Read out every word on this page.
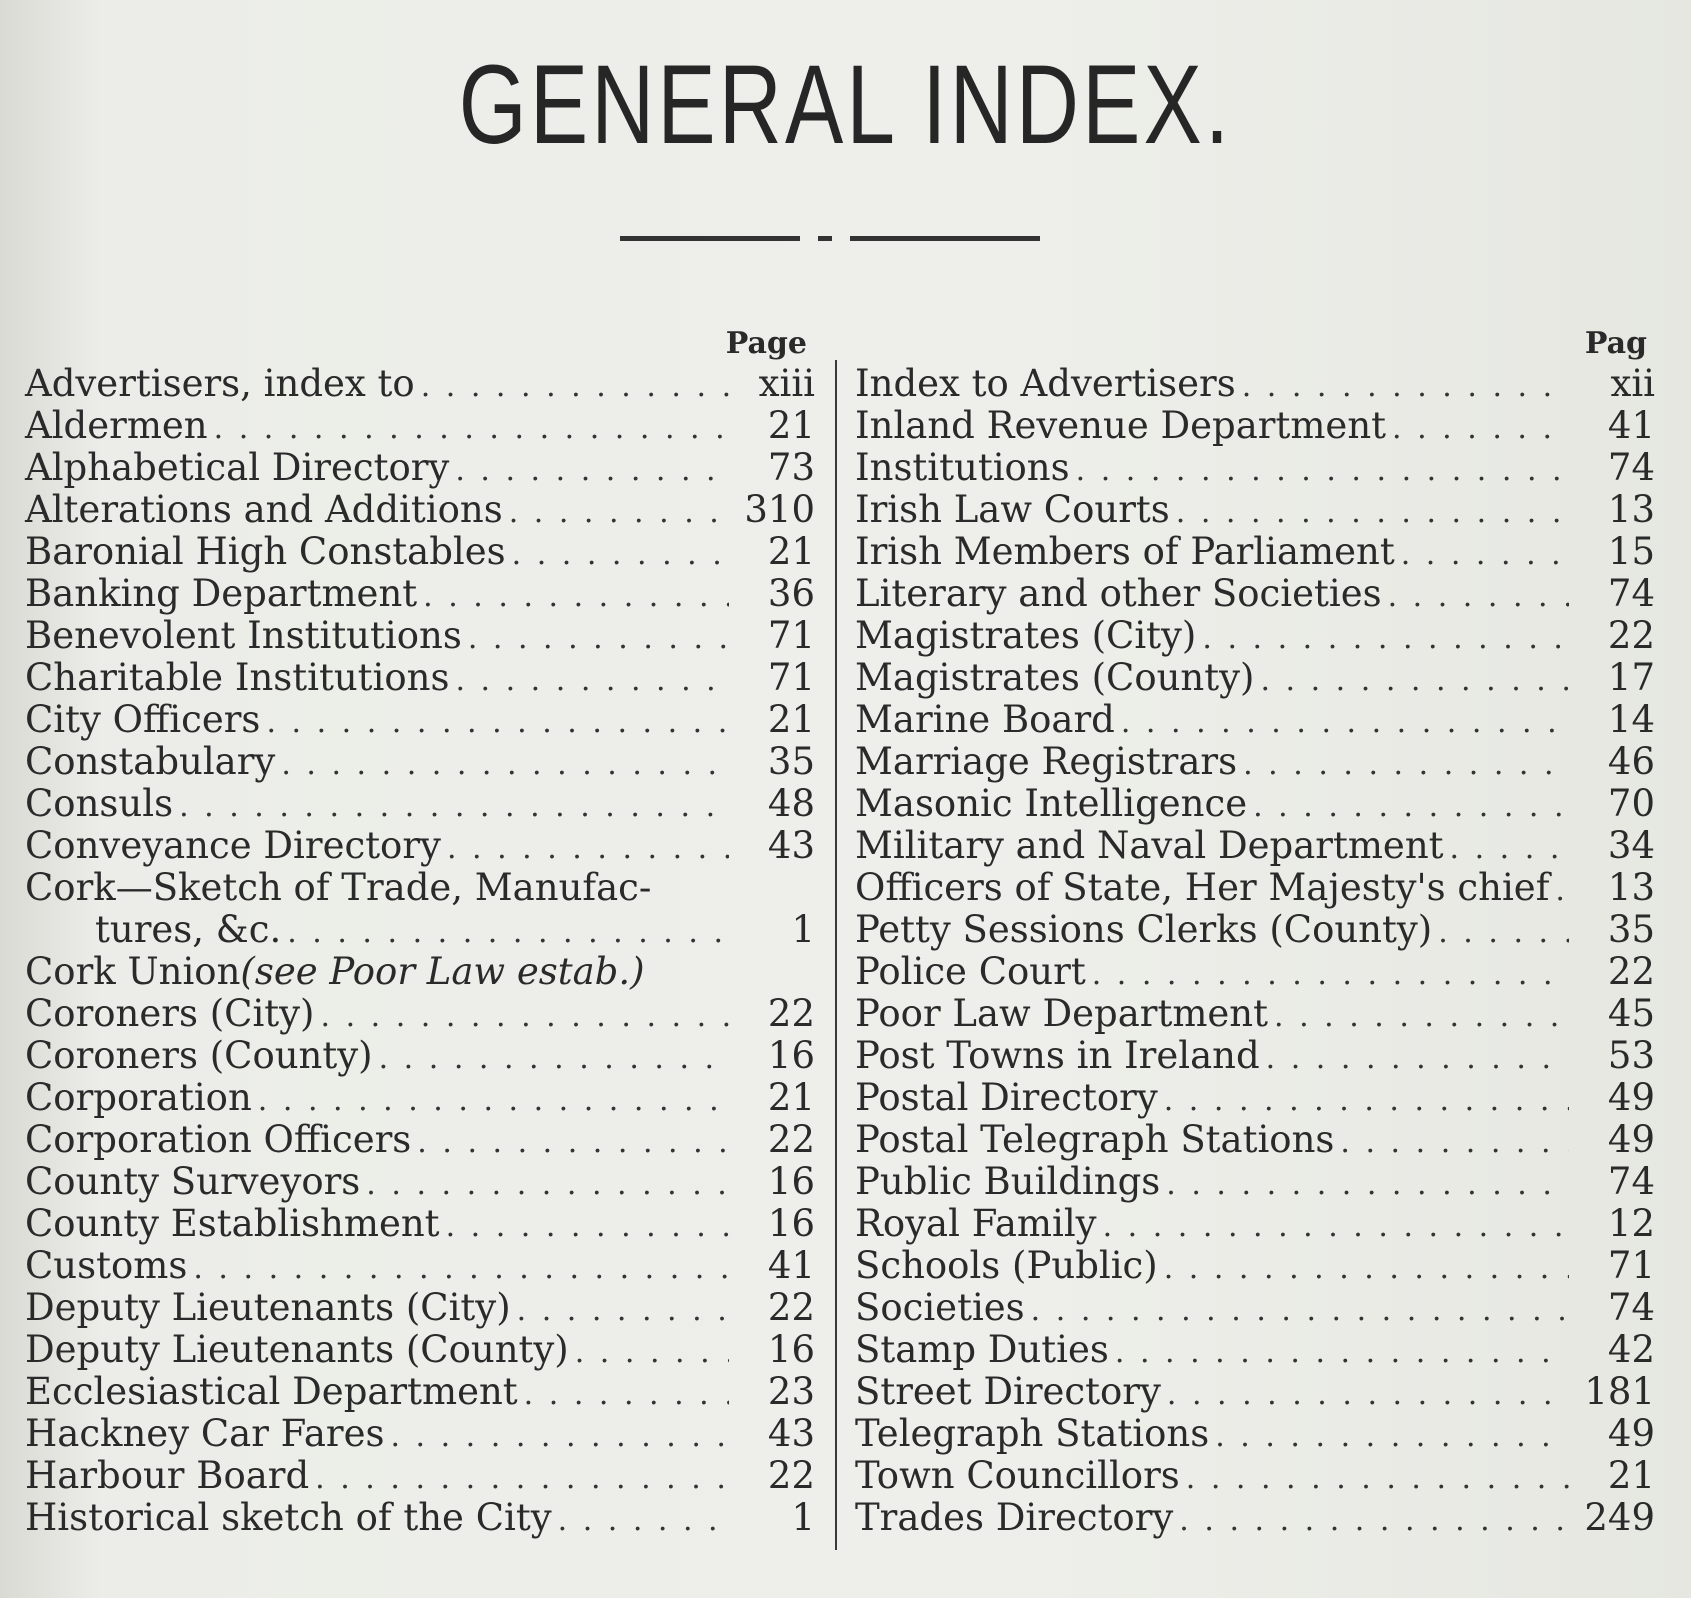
GENERAL INDEX.
Page
Advertisers, index to . . .	xiii
Aldermen . . .	21
Alphabetical Directory . . .	73
Alterations and Additions . . .	310
Baronial High Constables . . .	21
Banking Department . . .	36
Benevolent Institutions . . .	71
Charitable Institutions . . .	71
City Officers . . .	21
Constabulary . . .	35
Consuls . . .	48
Conveyance Directory . . .	43
Cork—Sketch of Trade, Manufac-
tures, &c. . . .	1
Cork Union(see Poor Law estab.)
Coroners (City) . . .	22
Coroners (County) . . .	16
Corporation . . .	21
Corporation Officers . . .	22
County Surveyors . . .	16
County Establishment . . .	16
Customs . . .	41
Deputy Lieutenants (City) . . .	22
Deputy Lieutenants (County) . . .	16
Ecclesiastical Department . . .	23
Hackney Car Fares . . .	43
Harbour Board . . .	22
Historical sketch of the City . . .	1
Pag
Index to Advertisers . . .	xii
Inland Revenue Department . . .	41
Institutions . . .	74
Irish Law Courts . . .	13
Irish Members of Parliament . . .	15
Literary and other Societies . . .	74
Magistrates (City) . . .	22
Magistrates (County) . . .	17
Marine Board . . .	14
Marriage Registrars . . .	46
Masonic Intelligence . . .	70
Military and Naval Department . . .	34
Officers of State, Her Majesty's chief . . .	13
Petty Sessions Clerks (County) . . .	35
Police Court . . .	22
Poor Law Department . . .	45
Post Towns in Ireland . . .	53
Postal Directory . . .	49
Postal Telegraph Stations . . .	49
Public Buildings . . .	74
Royal Family . . .	12
Schools (Public) . . .	71
Societies . . .	74
Stamp Duties . . .	42
Street Directory . . .	181
Telegraph Stations . . .	49
Town Councillors . . .	21
Trades Directory . . .	249
